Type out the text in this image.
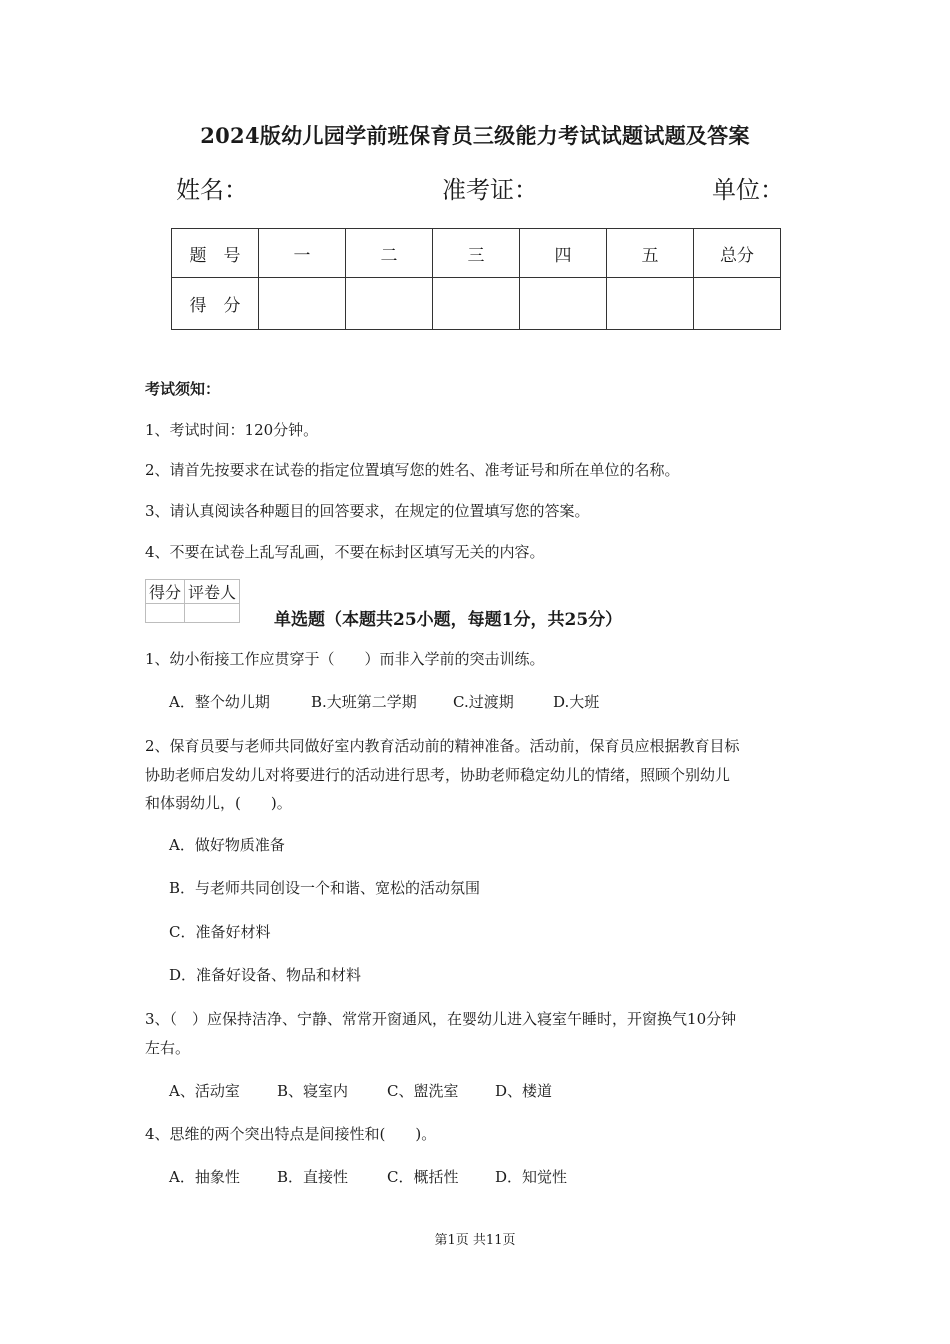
2024版幼儿园学前班保育员三级能力考试试题试题及答案
姓名：	准考证：	单位：
题　号	一	二	三	四	五	总分
得　分						
考试须知：
1、考试时间：120分钟。
2、请首先按要求在试卷的指定位置填写您的姓名、准考证号和所在单位的名称。
3、请认真阅读各种题目的回答要求，在规定的位置填写您的答案。
4、不要在试卷上乱写乱画，不要在标封区填写无关的内容。
得分	评卷人

单选题（本题共25小题，每题1分，共25分）
1、幼小衔接工作应贯穿于（　　）而非入学前的突击训练。
A．整个幼儿期	B.大班第二学期 C.过渡期	D.大班
2、保育员要与老师共同做好室内教育活动前的精神准备。活动前，保育员应根据教育目标
协助老师启发幼儿对将要进行的活动进行思考，协助老师稳定幼儿的情绪，照顾个别幼儿
和体弱幼儿，(　　)。
A．做好物质准备
B．与老师共同创设一个和谐、宽松的活动氛围
C．准备好材料
D．准备好设备、物品和材料
3、（　）应保持洁净、宁静、常常开窗通风，在婴幼儿进入寝室午睡时，开窗换气10分钟
左右。
A、活动室 B、寝室内	C、盥洗室 D、楼道
4、思维的两个突出特点是间接性和(　　)。
A．抽象性 B．直接性	C．概括性 D．知觉性
第1页 共11页
